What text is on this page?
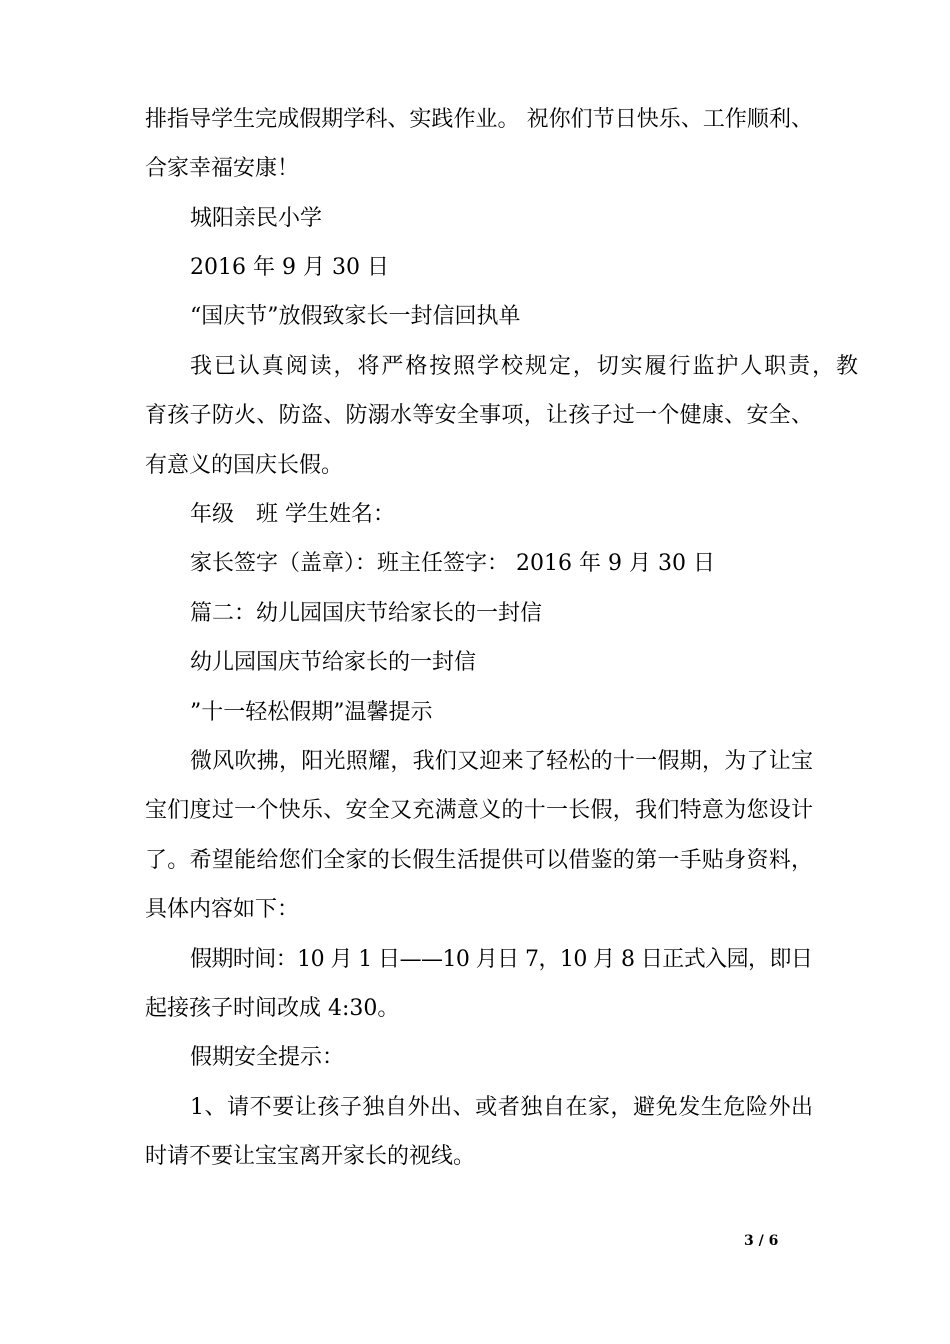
排指导学生完成假期学科、实践作业。 祝你们节日快乐、工作顺利、
合家幸福安康！
城阳亲民小学
2016 年 9 月 30 日
“国庆节”放假致家长一封信回执单
我已认真阅读，将严格按照学校规定，切实履行监护人职责，教
育孩子防火、防盗、防溺水等安全事项，让孩子过一个健康、安全、
有意义的国庆长假。
年级　班 学生姓名：
家长签字（盖章）：班主任签字： 2016 年 9 月 30 日
篇二：幼儿园国庆节给家长的一封信
幼儿园国庆节给家长的一封信
”十一轻松假期”温馨提示
微风吹拂，阳光照耀，我们又迎来了轻松的十一假期，为了让宝
宝们度过一个快乐、安全又充满意义的十一长假，我们特意为您设计
了。希望能给您们全家的长假生活提供可以借鉴的第一手贴身资料，
具体内容如下：
假期时间：10 月 1 日——10 月日 7，10 月 8 日正式入园，即日
起接孩子时间改成 4:30。
假期安全提示：
1、请不要让孩子独自外出、或者独自在家，避免发生危险外出
时请不要让宝宝离开家长的视线。
3 / 6
